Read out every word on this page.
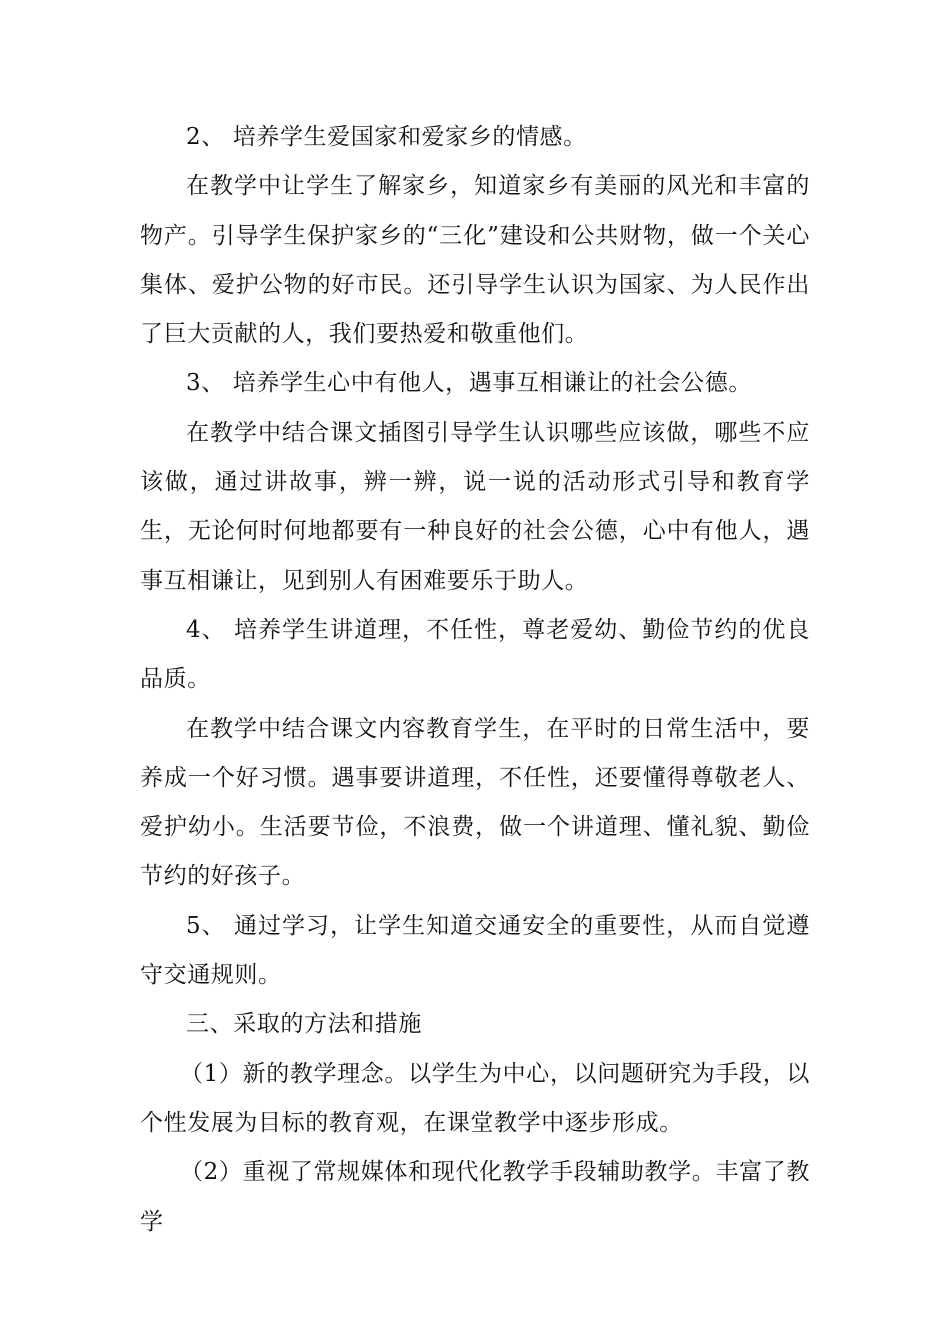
2、 培养学生爱国家和爱家乡的情感。

在教学中让学生了解家乡，知道家乡有美丽的风光和丰富的物产。引导学生保护家乡的“三化”建设和公共财物，做一个关心集体、爱护公物的好市民。还引导学生认识为国家、为人民作出了巨大贡献的人，我们要热爱和敬重他们。

3、 培养学生心中有他人，遇事互相谦让的社会公德。

在教学中结合课文插图引导学生认识哪些应该做，哪些不应该做，通过讲故事，辨一辨，说一说的活动形式引导和教育学生，无论何时何地都要有一种良好的社会公德，心中有他人，遇事互相谦让，见到别人有困难要乐于助人。

4、 培养学生讲道理，不任性，尊老爱幼、勤俭节约的优良品质。

在教学中结合课文内容教育学生，在平时的日常生活中，要养成一个好习惯。遇事要讲道理，不任性，还要懂得尊敬老人、爱护幼小。生活要节俭，不浪费，做一个讲道理、懂礼貌、勤俭节约的好孩子。

5、 通过学习，让学生知道交通安全的重要性，从而自觉遵守交通规则。

三、采取的方法和措施

（1）新的教学理念。以学生为中心，以问题研究为手段，以个性发展为目标的教育观，在课堂教学中逐步形成。

（2）重视了常规媒体和现代化教学手段辅助教学。丰富了教学
